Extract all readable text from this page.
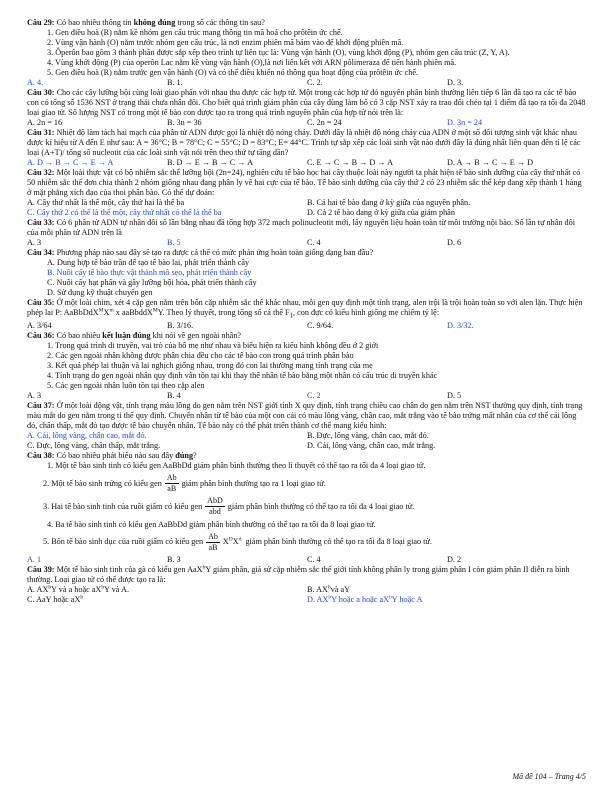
Câu 29: Có bao nhiêu thông tin không đúng trong số các thông tin sau?
1. Gen điều hoà (R) nằm kề nhóm gen cấu trúc mang thông tin mã hoá cho prôtêin ức chế.
2. Vùng vận hành (O) nằm trước nhóm gen cấu trúc, là nơi enzim phiên mã bám vào để khởi động phiên mã.
3. Ôperôn bao gồm 3 thành phần được sắp xếp theo trình tự liên tục là: Vùng vận hành (O), vùng khởi động (P), nhóm gen cấu trúc (Z, Y, A).
4. Vùng khởi động (P) của operôn Lac nằm kề vùng vận hành (O),là nơi liên kết với ARN pôlimeraza để tiến hành phiên mã.
5. Gen điều hoà (R) nằm trước gen vận hành (O) và có thể điều khiển nó thông qua hoạt động của prôtêin ức chế.
A. 4.	B. 1.	C. 2.	D. 3.
Câu 30: Cho các cây lưỡng bội cùng loài giao phấn với nhau thu được các hợp tử. Một trong các hợp tử đó nguyên phân bình thường liên tiếp 6 lần đã tạo ra các tế bào con có tổng số 1536 NST ở trạng thái chưa nhân đôi. Cho biết quá trình giảm phân của cây dùng làm bố có 3 cặp NST xảy ra trao đổi chéo tại 1 điểm đã tạo ra tối đa 2048 loại giao tử. Số lượng NST có trong một tế bào con được tạo ra trong quá trình nguyên phân của hợp tử nói trên là:
A. 2n = 16	B. 3n = 36	C. 2n = 24	D. 3n = 24
Câu 31: Nhiệt độ làm tách hai mạch của phân tử ADN được gọi là nhiệt độ nóng chảy. Dưới đây là nhiệt độ nóng chảy của ADN ở một số đối tượng sinh vật khác nhau được kí hiệu từ A đến E như sau: A = 36°C; B = 78°C; C = 55°C; D = 83°C; E= 44°C. Trình tự sắp xếp các loài sinh vật nào dưới đây là đúng nhất liên quan đến tỉ lệ các loại (A+T)/ tổng số nucleotit của các loài sinh vật nói trên theo thứ tự tăng dần?
A. D → B → C → E → A	B. D → E → B → C → A	C. E → C → B → D → A	D. A → B → C → E → D
Câu 32: Một loài thực vật có bộ nhiễm sắc thể lưỡng bội (2n=24), nghiên cứu tế bào học hai cây thuộc loài này người ta phát hiện tế bào sinh dưỡng của cây thứ nhất có 50 nhiễm sắc thể đơn chia thành 2 nhóm giống nhau đang phân ly về hai cực của tế bào. Tế bào sinh dưỡng của cây thứ 2 có 23 nhiễm sắc thể kép đang xếp thành 1 hàng ở mặt phẳng xích đạo của thoi phân bào. Có thể dự đoán:
A. Cây thứ nhất là thể một, cây thứ hai là thể ba	B. Cả hai tế bào đang ở kỳ giữa của nguyên phân.
C. Cây thứ 2 có thể là thể một, cây thứ nhất có thể là thể ba	D. Cả 2 tế bào đang ở kỳ giữa của giảm phân
Câu 33: Có 6 phân tử ADN tự nhân đôi số lần bằng nhau đã tổng hợp 372 mạch polinucleotit mới, lấy nguyên liệu hoàn toàn từ môi trường nội bào. Số lần tự nhân đôi của mỗi phân tử ADN trên là
A. 3	B. 5	C. 4	D. 6
Câu 34: Phương pháp nào sau đây sẽ tạo ra được cá thể có mức phản ứng hoàn toàn giống dạng ban đầu?
A. Dung hợp tế bào trần để tạo tế bào lai, phát triển thành cây
B. Nuôi cấy tế bào thực vật thành mô sẹo, phát triển thành cây
C. Nuôi cấy hạt phấn và gây lưỡng bội hóa, phát triển thành cây
D. Sử dụng kỹ thuật chuyển gen
Câu 35: Ở một loài chim, xét 4 cặp gen nằm trên bốn cặp nhiễm sắc thể khác nhau, mỗi gen quy định một tính trạng, alen trội là trội hoàn toàn so với alen lặn. Thực hiện phép lai P: $AaBbDdX^MX^m$ x aaBbddX$^M$Y. Theo lý thuyết, trong tổng số cá thể $F_1$, con đực có kiểu hình giống mẹ chiếm tỷ lệ:
A. 3/64	B. 3/16.	C. 9/64.	D. 3/32.
Câu 36: Có bao nhiêu kết luận đúng khi nói về gen ngoài nhân?
1. Trong quá trình di truyền, vai trò của bố mẹ như nhau và biểu hiện ra kiểu hình không đều ở 2 giới
2. Các gen ngoài nhân không được phân chia đều cho các tế bào con trong quá trình phân bào
3. Kết quả phép lai thuận và lai nghịch giống nhau, trong đó con lai thường mang tính trạng của mẹ
4. Tính trạng do gen ngoài nhân quy định vẫn tồn tại khi thay thế nhân tế bào bằng một nhân có cấu trúc di truyền khác
5. Các gen ngoài nhân luôn tồn tại theo cặp alen
A. 3	B. 4	C. 2	D. 5
Câu 37: Ở một loài động vật, tính trạng màu lông do gen nằm trên NST giới tính X quy định, tính trạng chiều cao chân do gen nằm trên NST thường quy định, tính trạng màu mắt do gen nằm trong ti thể quy định. Chuyển nhân từ tế bào của một con cái có màu lông vàng, chân cao, mắt trắng vào tế bào trứng mất nhân của cơ thể cái lông đỏ, chân thấp, mắt đỏ tạo được tế bào chuyển nhân. Tế bào này có thể phát triển thành cơ thể mang kiểu hình:
A. Cái, lông vàng, chân cao, mắt đỏ.	B. Đực, lông vàng, chân cao, mắt đỏ.
C. Đực, lông vàng, chân thấp, mắt trắng.	D. Cái, lông vàng, chân cao, mắt trắng.
Câu 38: Có bao nhiêu phát biểu nào sau đây đúng?
1. Một tế bào sinh tinh có kiểu gen AaBbDd giảm phân bình thường theo lí thuyết có thể tạo ra tối đa 4 loại giao tử.
2. Một tế bào sinh trứng có kiểu gen $\frac{Ab}{aB}$ giảm phân bình thường tạo ra 1 loại giao tử.
3. Hai tế bào sinh tinh của ruồi giấm có kiểu gen $\frac{\text{AbD}}{\text{abd}}$ giảm phân bình thường có thể tạo ra tối đa 4 loại giao tử.
4. Ba tế bào sinh tinh có kiểu gen AaBbDd giảm phân bình thường có thể tạo ra tối đa 8 loại giao tử.
5. Bốn tế bào sinh dục của ruồi giấm có kiểu gen $\frac{Ab}{aB} X^DX^d$ giảm phân bình thường có thể tạo ra tối đa 8 loại giao tử.
A. 1	B. 3	C. 4	D. 2
Câu 39: Một tế bào sinh tinh của gà có kiểu gen AaX$^b$Y giảm phân, giả sử cặp nhiễm sắc thể giới tính không phân ly trong giảm phân I còn giảm phân II diễn ra bình thường. Loại giao tử có thể được tạo ra là:
A. $AX^bY$ và a hoặc $aX^bY$ và A.	B. $AX^bvà$ aY
C. AaY hoặc $aX^b$	D. $AX^bY$ hoặc a hoặc $aX^bY$ hoặc A
Mã đề 104 – Trang 4/5
